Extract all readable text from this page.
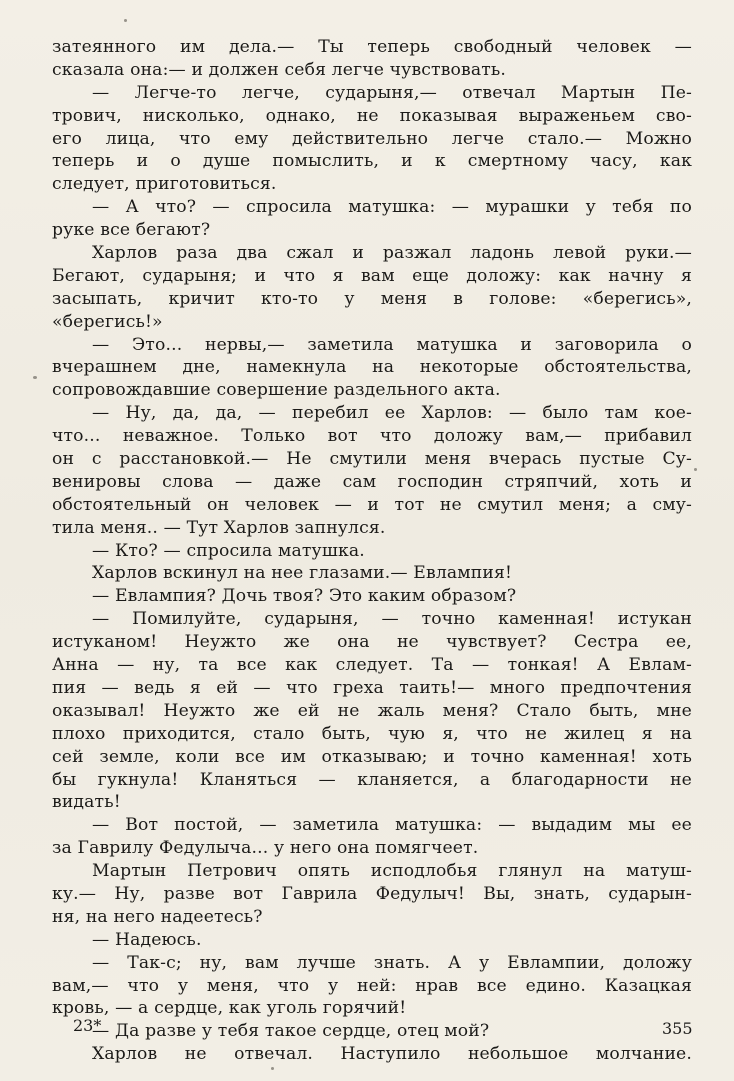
затеянного им дела.— Ты теперь свободный человек —
сказала она:— и должен себя легче чувствовать.
— Легче-то легче, сударыня,— отвечал Мартын Пе-
трович, нисколько, однако, не показывая выраженьем сво-
его лица, что ему действительно легче стало.— Можно
теперь и о душе помыслить, и к смертному часу, как
следует, приготовиться.
— А что? — спросила матушка: — мурашки у тебя по
руке все бегают?
Харлов раза два сжал и разжал ладонь левой руки.—
Бегают, сударыня; и что я вам еще доложу: как начну я
засыпать, кричит кто-то у меня в голове: «берегись»,
«берегись!»
— Это... нервы,— заметила матушка и заговорила о
вчерашнем дне, намекнула на некоторые обстоятельства,
сопровождавшие совершение раздельного акта.
— Ну, да, да, — перебил ее Харлов: — было там кое-
что... неважное. Только вот что доложу вам,— прибавил
он с расстановкой.— Не смутили меня вчерась пустые Су-
вениpoвы слова — даже сам господин стряпчий, хоть и
обстоятельный он человек — и тот не смутил меня; а сму-
тила меня.. — Тут Харлов запнулся.
— Кто? — спросила матушка.
Харлов вскинул на нее глазами.— Евлампия!
— Евлампия? Дочь твоя? Это каким образом?
— Помилуйте, сударыня, — точно каменная! истукан
истуканом! Неужто же она не чувствует? Сестра ее,
Анна — ну, та все как следует. Та — тонкая! А Евлам-
пия — ведь я ей — что греха таить!— много предпочтения
оказывал! Неужто же ей не жаль меня? Стало быть, мне
плохо приходится, стало быть, чую я, что не жилец я на
сей земле, коли все им отказываю; и точно каменная! хоть
бы гукнула! Кланяться — кланяется, а благодарности не
видать!
— Вот постой, — заметила матушка: — выдадим мы ее
за Гаврилу Федулыча... у него она помягчеет.
Мартын Петрович опять исподлобья глянул на матуш-
ку.— Ну, разве вот Гаврила Федулыч! Вы, знать, сударын-
ня, на него надеетесь?
— Надеюсь.
— Так-с; ну, вам лучше знать. А у Евлампии, доложу
вам,— что у меня, что у ней: нрав все едино. Казацкая
кровь, — а сердце, как уголь горячий!
— Да разве у тебя такое сердце, отец мой?
Харлов не отвечал. Наступило небольшое молчание.
23*	355
